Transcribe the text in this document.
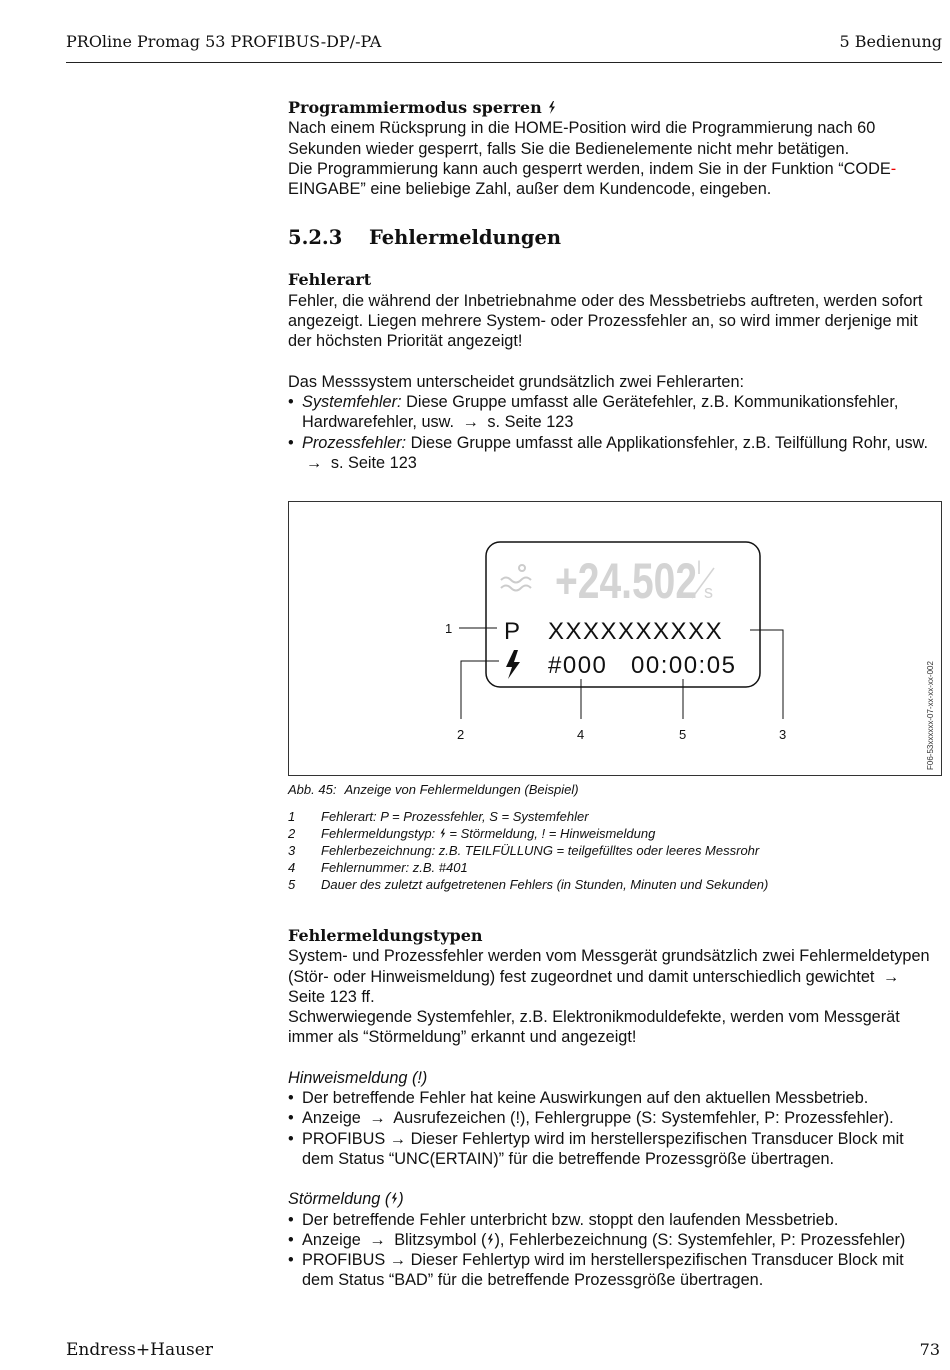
PROline Promag 53 PROFIBUS-DP/-PA	5 Bedienung
Programmiermodus sperren

Nach einem Rücksprung in die HOME-Position wird die Programmierung nach 60 Sekunden wieder gesperrt, falls Sie die Bedienelemente nicht mehr betätigen.

Die Programmierung kann auch gesperrt werden, indem Sie in der Funktion “CODE-
EINGABE” eine beliebige Zahl, außer dem Kundencode, eingeben.

5.2.3 Fehlermeldungen
Fehlerart

Fehler, die während der Inbetriebnahme oder des Messbetriebs auftreten, werden sofort angezeigt. Liegen mehrere System- oder Prozessfehler an, so wird immer derjenige mit der höchsten Priorität angezeigt!

Das Messsystem unterscheidet grundsätzlich zwei Fehlerarten:

• Systemfehler: Diese Gruppe umfasst alle Gerätefehler, z.B. Kommunikationsfehler, Hardwarefehler, usw. → s. Seite 123
• Prozessfehler: Diese Gruppe umfasst alle Applikationsfehler, z.B. Teilfüllung Rohr, usw. → s. Seite 123
+24.502 l
s
P XXXXXXXXXX
#000 00:00:05
1
2	4	5	3	F06-53xxxxxx-07-xx-xx-xx-002
Abb. 45: Anzeige von Fehlermeldungen (Beispiel)
1 Fehlerart: P = Prozessfehler, S = Systemfehler
2 Fehlermeldungstyp:  = Störmeldung, ! = Hinweismeldung
3 Fehlerbezeichnung: z.B. TEILFÜLLUNG = teilgefülltes oder leeres Messrohr
4 Fehlernummer: z.B. #401
5 Dauer des zuletzt aufgetretenen Fehlers (in Stunden, Minuten und Sekunden)
Fehlermeldungstypen

System- und Prozessfehler werden vom Messgerät grundsätzlich zwei Fehlermeldetypen (Stör- oder Hinweismeldung) fest zugeordnet und damit unterschiedlich gewichtet → Seite 123 ff.

Schwerwiegende Systemfehler, z.B. Elektronikmoduldefekte, werden vom Messgerät immer als “Störmeldung” erkannt und angezeigt!

Hinweismeldung (!)
• Der betreffende Fehler hat keine Auswirkungen auf den aktuellen Messbetrieb.
• Anzeige → Ausrufezeichen (!), Fehlergruppe (S: Systemfehler, P: Prozessfehler).
• PROFIBUS → Dieser Fehlertyp wird im herstellerspezifischen Transducer Block mit dem Status “UNC(ERTAIN)” für die betreffende Prozessgröße übertragen.
Störmeldung ( )
• Der betreffende Fehler unterbricht bzw. stoppt den laufenden Messbetrieb.
• Anzeige → Blitzsymbol ( ), Fehlerbezeichnung (S: Systemfehler, P: Prozessfehler)
• PROFIBUS → Dieser Fehlertyp wird im herstellerspezifischen Transducer Block mit dem Status “BAD” für die betreffende Prozessgröße übertragen.
Endress+Hauser	73
